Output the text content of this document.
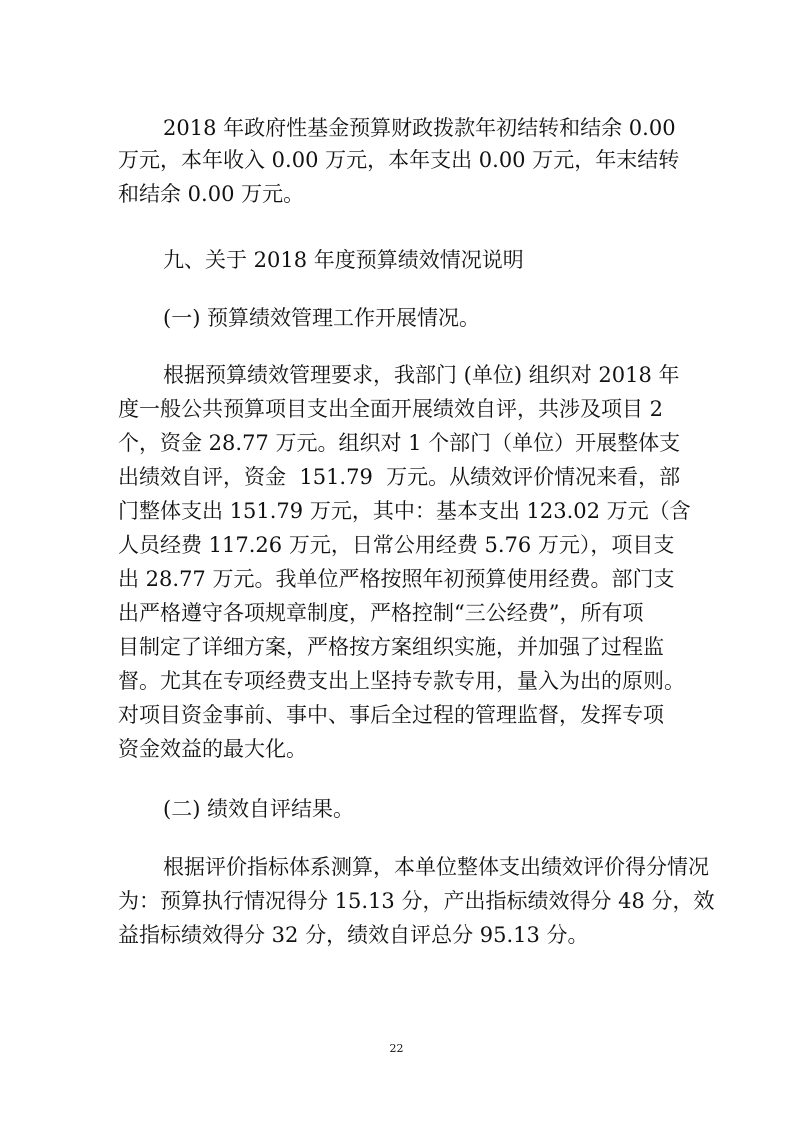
2018 年政府性基金预算财政拨款年初结转和结余 0.00
万元，本年收入 0.00 万元，本年支出 0.00 万元，年末结转
和结余 0.00 万元。
九、关于 2018 年度预算绩效情况说明
(一) 预算绩效管理工作开展情况。
根据预算绩效管理要求，我部门 (单位) 组织对 2018 年
度一般公共预算项目支出全面开展绩效自评，共涉及项目 2
个，资金 28.77 万元。组织对 1 个部门（单位）开展整体支
出绩效自评，资金  151.79  万元。从绩效评价情况来看，部
门整体支出 151.79 万元，其中：基本支出 123.02 万元（含
人员经费 117.26 万元，日常公用经费 5.76 万元），项目支
出 28.77 万元。我单位严格按照年初预算使用经费。部门支
出严格遵守各项规章制度，严格控制“三公经费”，所有项
目制定了详细方案，严格按方案组织实施，并加强了过程监
督。尤其在专项经费支出上坚持专款专用，量入为出的原则。
对项目资金事前、事中、事后全过程的管理监督，发挥专项
资金效益的最大化。
(二) 绩效自评结果。
根据评价指标体系测算，本单位整体支出绩效评价得分情况
为：预算执行情况得分 15.13 分，产出指标绩效得分 48 分，效
益指标绩效得分 32 分，绩效自评总分 95.13 分。
22
